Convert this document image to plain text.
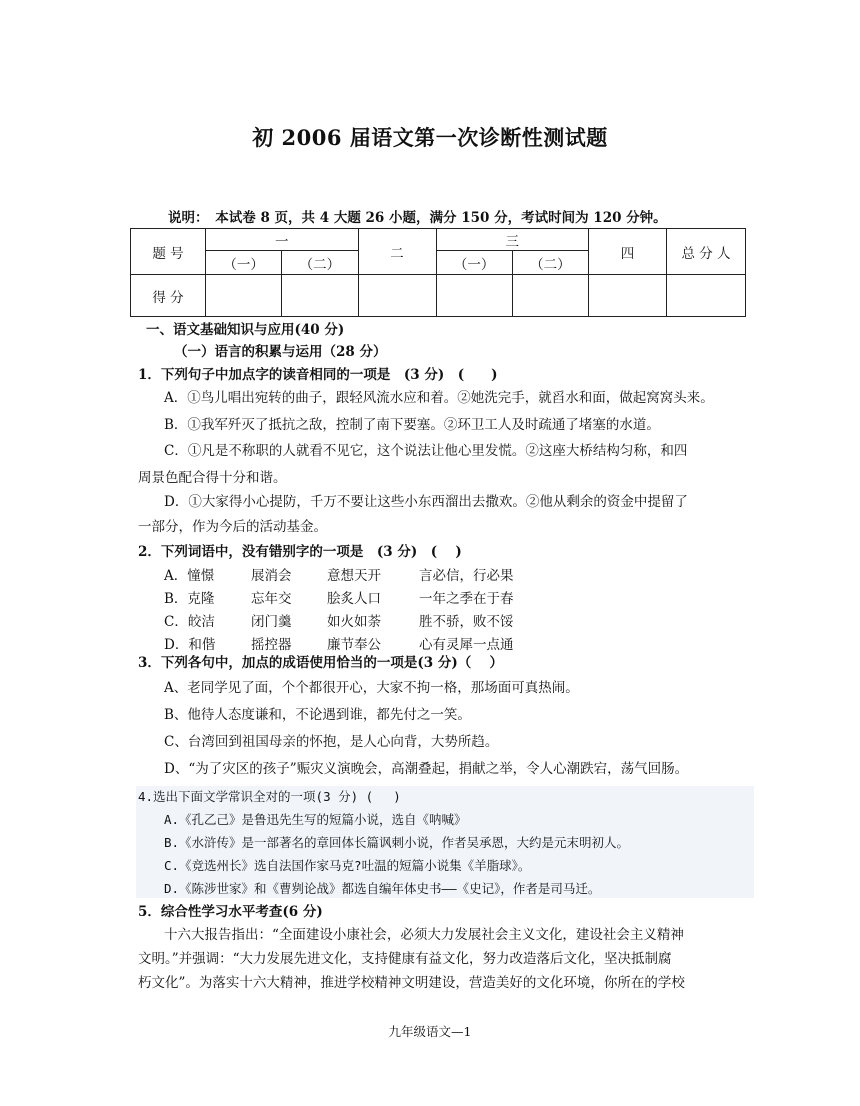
初 2006 届语文第一次诊断性测试题
说明：　本试卷 8 页，共 4 大题 26 小题，满分 150 分，考试时间为 120 分钟。
题 号	一		二	三		四	总 分 人
	（一）	（二）		（一）	（二）		
得 分							
一、语文基础知识与应用(40 分)
（一）语言的积累与运用（28 分）
1．下列句子中加点字的读音相同的一项是　(3 分)　(　　)
A．①鸟儿唱出宛转的曲子，跟轻风流水应和着。②她洗完手，就舀水和面，做起窝窝头来。
B．①我军歼灭了抵抗之敌，控制了南下要塞。②环卫工人及时疏通了堵塞的水道。
C．①凡是不称职的人就看不见它，这个说法让他心里发慌。②这座大桥结构匀称，和四
周景色配合得十分和谐。
D．①大家得小心提防，千万不要让这些小东西溜出去撒欢。②他从剩余的资金中提留了
一部分，作为今后的活动基金。
2．下列词语中，没有错别字的一项是　(3 分)　(　 )
A．憧憬	展消会	意想天开	言必信，行必果
B．克隆	忘年交	脍炙人口	一年之季在于春
C．皎洁	闭门羹	如火如荼	胜不骄，败不馁
D．和偕	摇控器	廉节奉公	心有灵犀一点通
3．下列各句中，加点的成语使用恰当的一项是(3 分)（　 ）
A、老同学见了面，个个都很开心，大家不拘一格，那场面可真热闹。
B、他待人态度谦和，不论遇到谁，都先付之一笑。
C、台湾回到祖国母亲的怀抱，是人心向背，大势所趋。
D、“为了灾区的孩子”赈灾义演晚会，高潮叠起，捐献之举，令人心潮跌宕，荡气回肠。
4.选出下面文学常识全对的一项(3 分) ( 　)
A.《孔乙己》是鲁迅先生写的短篇小说，选自《呐喊》
B.《水浒传》是一部著名的章回体长篇讽刺小说，作者吴承恩，大约是元末明初人。
C.《竞选州长》选自法国作家马克?吐温的短篇小说集《羊脂球》。
D.《陈涉世家》和《曹刿论战》都选自编年体史书——《史记》，作者是司马迁。
5．综合性学习水平考查(6 分)
十六大报告指出：“全面建设小康社会，必须大力发展社会主义文化，建设社会主义精神
文明。”并强调：“大力发展先进文化，支持健康有益文化，努力改造落后文化，坚决抵制腐
朽文化”。为落实十六大精神，推进学校精神文明建设，营造美好的文化环境，你所在的学校
九年级语文—1
